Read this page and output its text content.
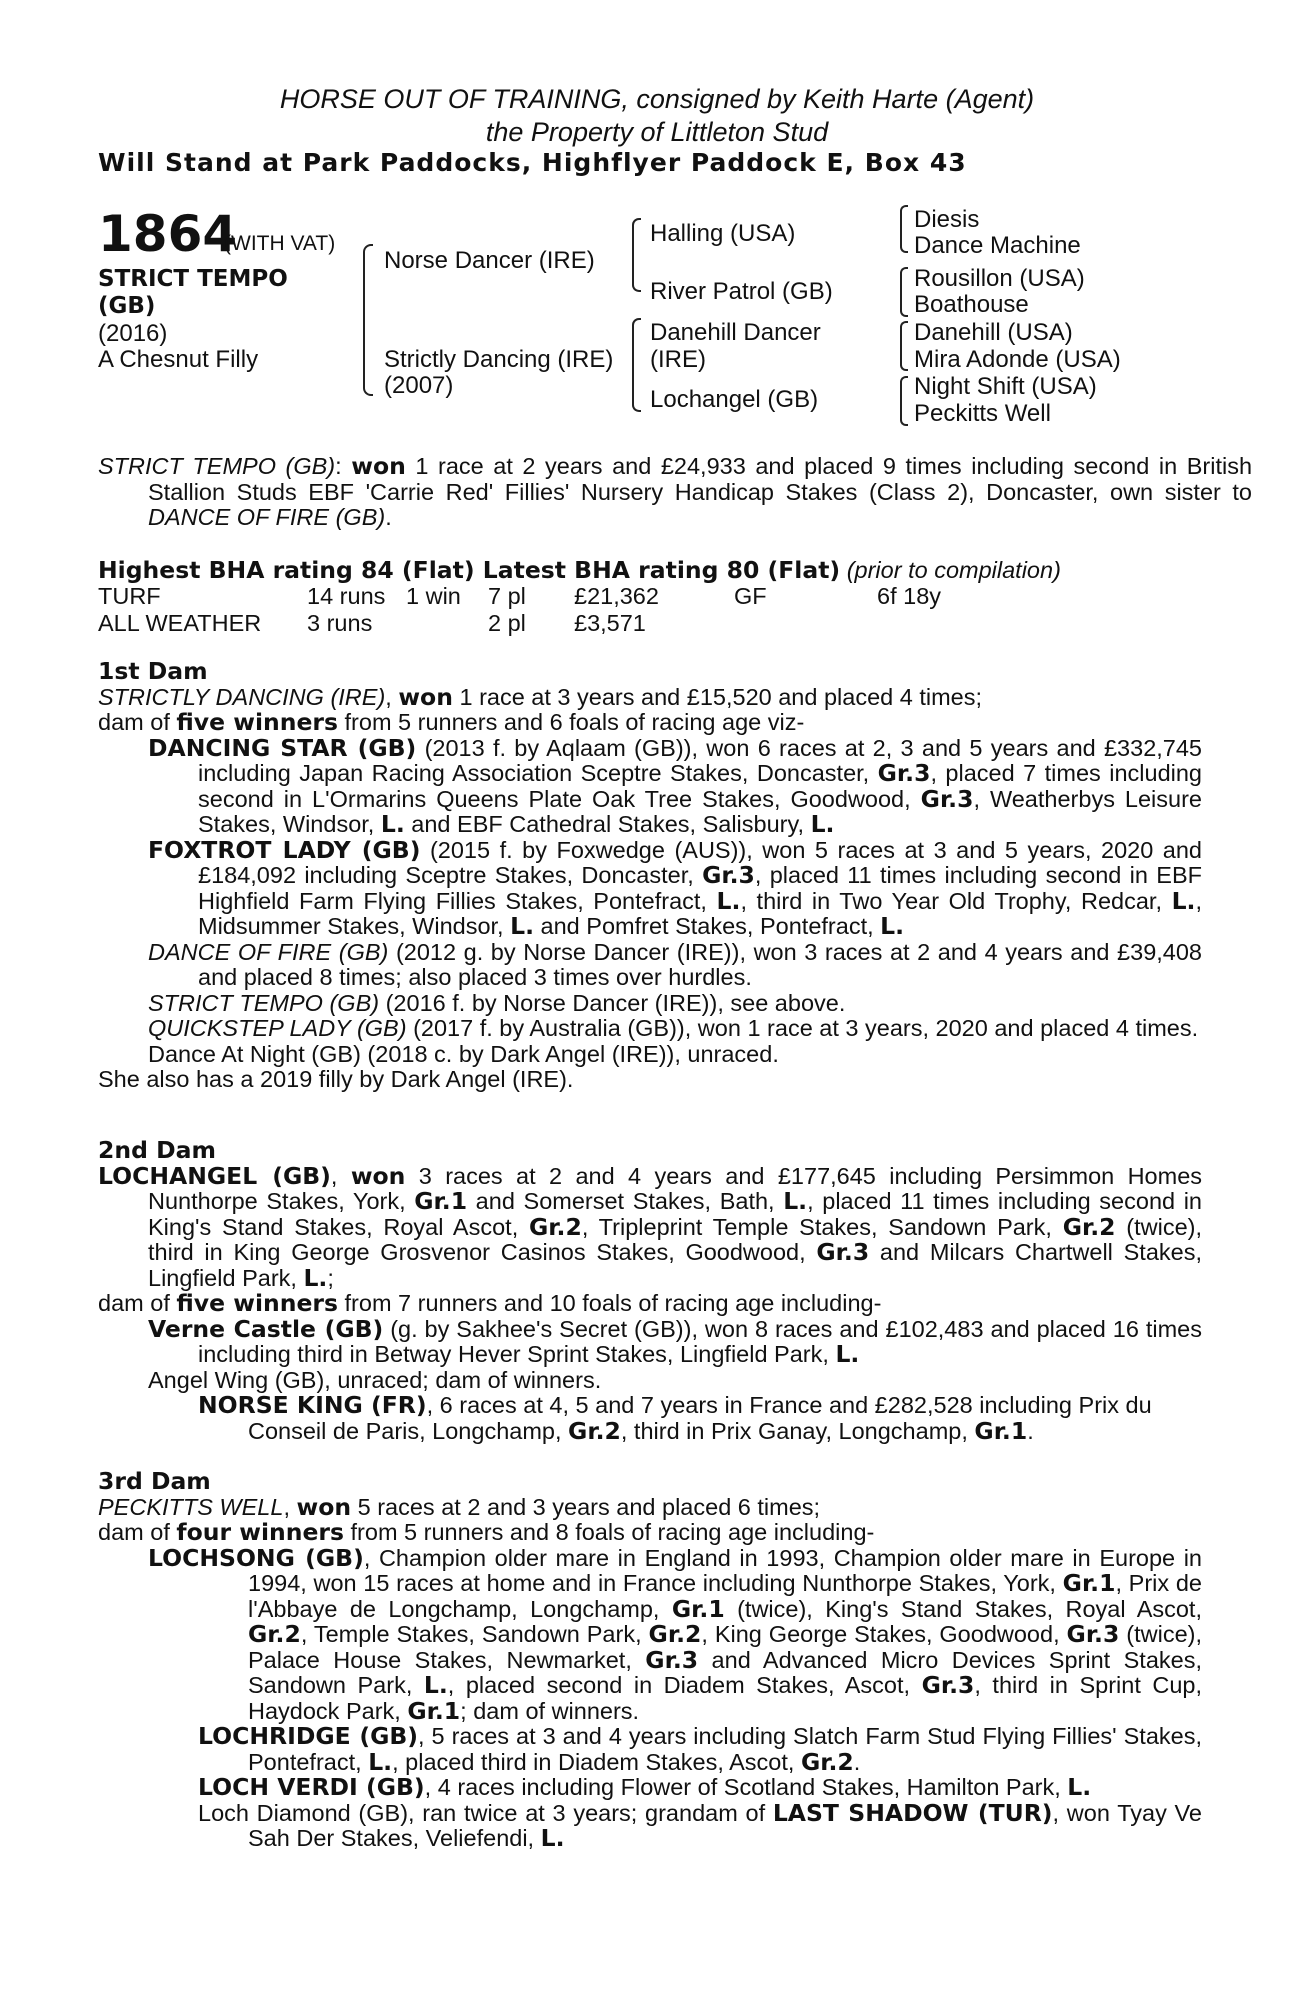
HORSE OUT OF TRAINING, consigned by Keith Harte (Agent)
the Property of Littleton Stud
Will Stand at Park Paddocks, Highflyer Paddock E, Box 43
1864
(WITH VAT)
STRICT TEMPO
(GB)
(2016)
A Chesnut Filly
Norse Dancer (IRE)
Strictly Dancing (IRE)
(2007)
Halling (USA)
River Patrol (GB)
Danehill Dancer
(IRE)
Lochangel (GB)
Diesis
Dance Machine
Rousillon (USA)
Boathouse
Danehill (USA)
Mira Adonde (USA)
Night Shift (USA)
Peckitts Well
STRICT TEMPO (GB): won 1 race at 2 years and £24,933 and placed 9 times including second in British Stallion Studs EBF 'Carrie Red' Fillies' Nursery Handicap Stakes (Class 2), Doncaster, own sister to DANCE OF FIRE (GB).
Highest BHA rating 84 (Flat) Latest BHA rating 80 (Flat) (prior to compilation)
TURF	14 runs	1 win	7 pl	£21,362	GF	6f 18y
ALL WEATHER	3 runs		2 pl	£3,571		

1st Dam

STRICTLY DANCING (IRE), won 1 race at 3 years and £15,520 and placed 4 times;

dam of five winners from 5 runners and 6 foals of racing age viz-

DANCING STAR (GB) (2013 f. by Aqlaam (GB)), won 6 races at 2, 3 and 5 years and £332,745 including Japan Racing Association Sceptre Stakes, Doncaster, Gr.3, placed 7 times including second in L'Ormarins Queens Plate Oak Tree Stakes, Goodwood, Gr.3, Weatherbys Leisure Stakes, Windsor, L. and EBF Cathedral Stakes, Salisbury, L.

FOXTROT LADY (GB) (2015 f. by Foxwedge (AUS)), won 5 races at 3 and 5 years, 2020 and £184,092 including Sceptre Stakes, Doncaster, Gr.3, placed 11 times including second in EBF Highfield Farm Flying Fillies Stakes, Pontefract, L., third in Two Year Old Trophy, Redcar, L., Midsummer Stakes, Windsor, L. and Pomfret Stakes, Pontefract, L.

DANCE OF FIRE (GB) (2012 g. by Norse Dancer (IRE)), won 3 races at 2 and 4 years and £39,408 and placed 8 times; also placed 3 times over hurdles.

STRICT TEMPO (GB) (2016 f. by Norse Dancer (IRE)), see above.

QUICKSTEP LADY (GB) (2017 f. by Australia (GB)), won 1 race at 3 years, 2020 and placed 4 times.

Dance At Night (GB) (2018 c. by Dark Angel (IRE)), unraced.

She also has a 2019 filly by Dark Angel (IRE).

2nd Dam

LOCHANGEL (GB), won 3 races at 2 and 4 years and £177,645 including Persimmon Homes Nunthorpe Stakes, York, Gr.1 and Somerset Stakes, Bath, L., placed 11 times including second in King's Stand Stakes, Royal Ascot, Gr.2, Tripleprint Temple Stakes, Sandown Park, Gr.2 (twice), third in King George Grosvenor Casinos Stakes, Goodwood, Gr.3 and Milcars Chartwell Stakes, Lingfield Park, L.;

dam of five winners from 7 runners and 10 foals of racing age including-

Verne Castle (GB) (g. by Sakhee's Secret (GB)), won 8 races and £102,483 and placed 16 times including third in Betway Hever Sprint Stakes, Lingfield Park, L.

Angel Wing (GB), unraced; dam of winners.

NORSE KING (FR), 6 races at 4, 5 and 7 years in France and £282,528 including Prix du Conseil de Paris, Longchamp, Gr.2, third in Prix Ganay, Longchamp, Gr.1.

3rd Dam

PECKITTS WELL, won 5 races at 2 and 3 years and placed 6 times;

dam of four winners from 5 runners and 8 foals of racing age including-

LOCHSONG (GB), Champion older mare in England in 1993, Champion older mare in Europe in 1994, won 15 races at home and in France including Nunthorpe Stakes, York, Gr.1, Prix de l'Abbaye de Longchamp, Longchamp, Gr.1 (twice), King's Stand Stakes, Royal Ascot, Gr.2, Temple Stakes, Sandown Park, Gr.2, King George Stakes, Goodwood, Gr.3 (twice), Palace House Stakes, Newmarket, Gr.3 and Advanced Micro Devices Sprint Stakes, Sandown Park, L., placed second in Diadem Stakes, Ascot, Gr.3, third in Sprint Cup, Haydock Park, Gr.1; dam of winners.

LOCHRIDGE (GB), 5 races at 3 and 4 years including Slatch Farm Stud Flying Fillies' Stakes, Pontefract, L., placed third in Diadem Stakes, Ascot, Gr.2.

LOCH VERDI (GB), 4 races including Flower of Scotland Stakes, Hamilton Park, L.

Loch Diamond (GB), ran twice at 3 years; grandam of LAST SHADOW (TUR), won Tyay Ve Sah Der Stakes, Veliefendi, L.
